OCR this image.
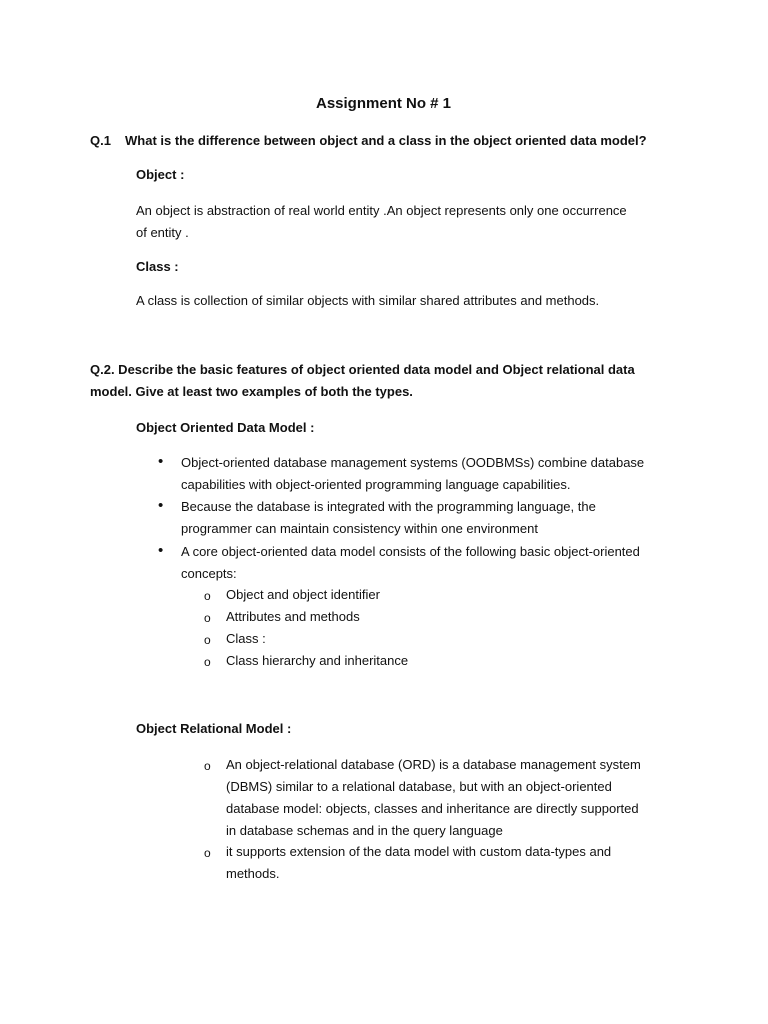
Assignment No # 1
Q.1 What is the difference between object and a class in the object oriented data model?
Object :
An object is abstraction of real world entity .An object represents only one occurrence
of entity .
Class :
A class is collection of similar objects with similar shared attributes and methods.
Q.2. Describe the basic features of object oriented data model and Object relational data
model. Give at least two examples of both the types.
Object Oriented Data Model :
• Object-oriented database management systems (OODBMSs) combine database
capabilities with object-oriented programming language capabilities.
• Because the database is integrated with the programming language, the
programmer can maintain consistency within one environment
• A core object-oriented data model consists of the following basic object-oriented
concepts:
o Object and object identifier
o Attributes and methods
o Class :
o Class hierarchy and inheritance
Object Relational Model :
o An object-relational database (ORD) is a database management system
(DBMS) similar to a relational database, but with an object-oriented
database model: objects, classes and inheritance are directly supported
in database schemas and in the query language
o it supports extension of the data model with custom data-types and
methods.
